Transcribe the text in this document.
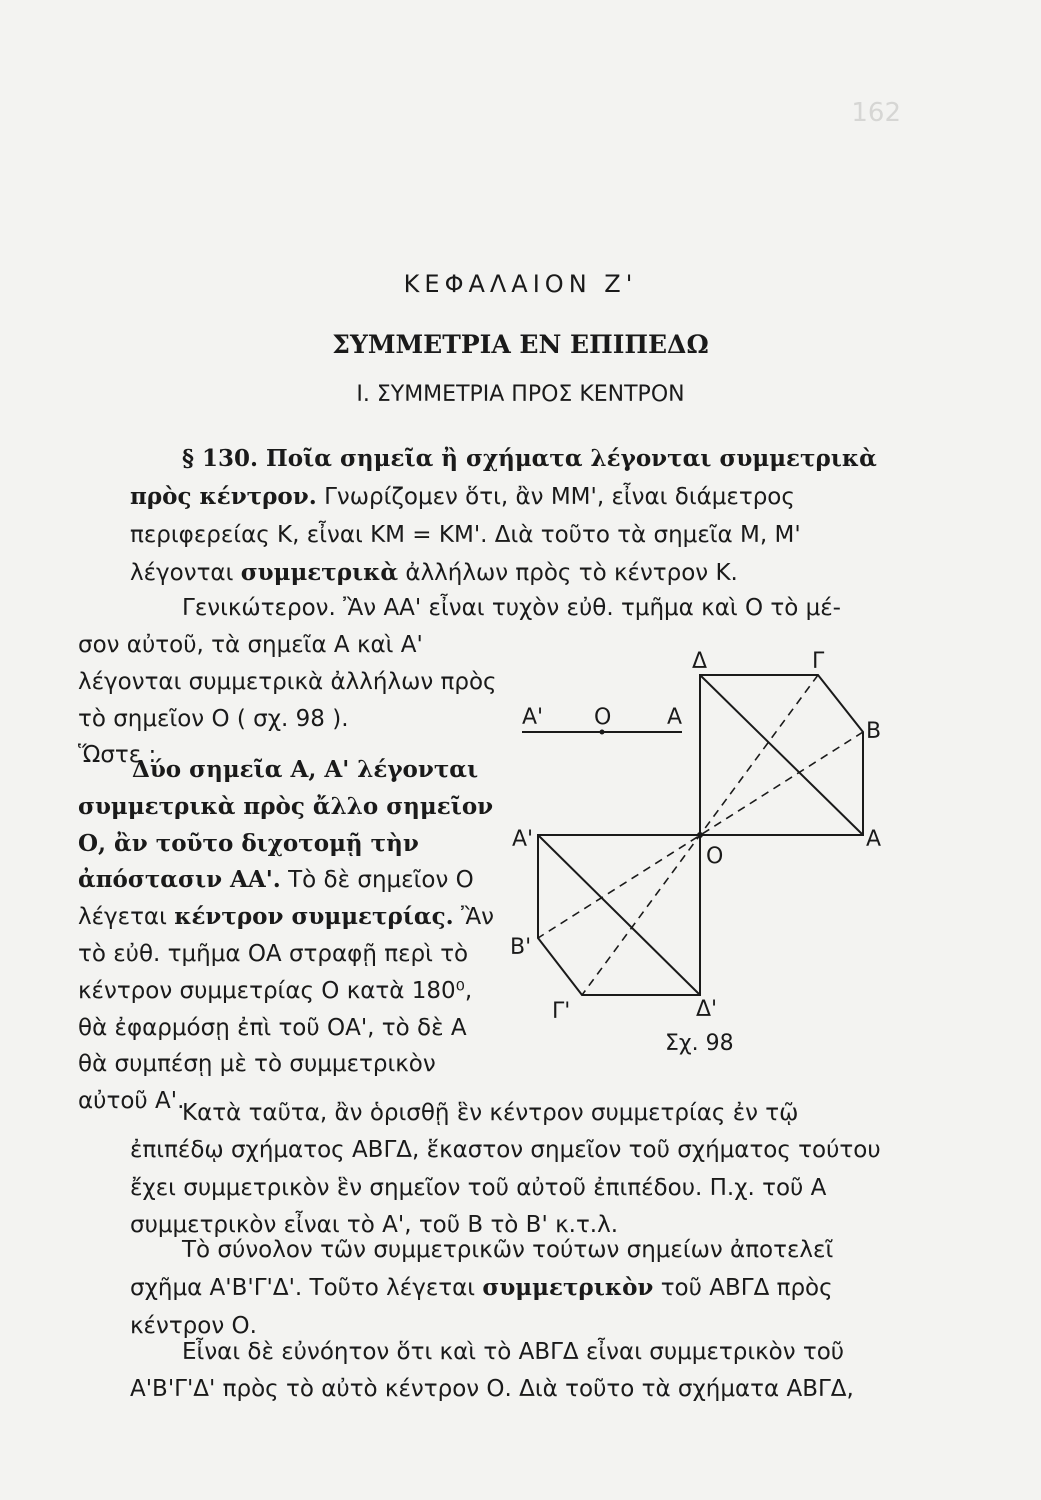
162
ΚΕΦΑΛΑΙΟΝ Ζ'
ΣΥΜΜΕΤΡΙΑ ΕΝ ΕΠΙΠΕΔΩ
Ι. ΣΥΜΜΕΤΡΙΑ ΠΡΟΣ ΚΕΝΤΡΟΝ

§ 130. Ποῖα σημεῖα ἢ σχήματα λέγονται συμμετρικὰ πρὸς κέντρον. Γνωρίζομεν ὅτι, ἂν ΜΜ', εἶναι διάμετρος περιφερείας Κ, εἶναι ΚΜ = ΚΜ'. Διὰ τοῦτο τὰ σημεῖα Μ, Μ' λέγονται συμμετρικὰ ἀλλήλων πρὸς τὸ κέντρον Κ.

Γενικώτερον. Ἂν ΑΑ' εἶναι τυχὸν εὐθ. τμῆμα καὶ Ο τὸ μέ-

σον αὐτοῦ, τὰ σημεῖα Α καὶ Α' λέγονται συμμετρικὰ ἀλλήλων πρὸς τὸ σημεῖον Ο ( σχ. 98 ).
Ὥστε :

Δύο σημεῖα Α, Α' λέγονται συμμετρικὰ πρὸς ἄλλο σημεῖον Ο, ἂν τοῦτο διχοτομῇ τὴν ἀπόστασιν ΑΑ'. Τὸ δὲ σημεῖον Ο λέγεται κέντρον συμμετρίας. Ἂν τὸ εὐθ. τμῆμα ΟΑ στραφῇ περὶ τὸ κέντρον συμμετρίας Ο κατὰ 180⁰, θὰ ἐφαρμόσῃ ἐπὶ τοῦ ΟΑ', τὸ δὲ Α θὰ συμπέσῃ μὲ τὸ συμμετρικὸν αὐτοῦ Α'.

Κατὰ ταῦτα, ἂν ὁρισθῇ ἓν κέντρον συμμετρίας ἐν τῷ ἐπιπέδῳ σχήματος ΑΒΓΔ, ἕκαστον σημεῖον τοῦ σχήματος τούτου ἔχει συμμετρικὸν ἓν σημεῖον τοῦ αὐτοῦ ἐπιπέδου. Π.χ. τοῦ Α συμμετρικὸν εἶναι τὸ Α', τοῦ Β τὸ Β' κ.τ.λ.

Τὸ σύνολον τῶν συμμετρικῶν τούτων σημείων ἀποτελεῖ σχῆμα Α'Β'Γ'Δ'. Τοῦτο λέγεται συμμετρικὸν τοῦ ΑΒΓΔ πρὸς κέντρον Ο.

Εἶναι δὲ εὐνόητον ὅτι καὶ τὸ ΑΒΓΔ εἶναι συμμετρικὸν τοῦ Α'Β'Γ'Δ' πρὸς τὸ αὐτὸ κέντρον Ο. Διὰ τοῦτο τὰ σχήματα ΑΒΓΔ,

Α' Ο	Α
Δ	Γ
Β
Α
Α'
Ο
Β'
Γ'	Δ'
Σχ. 98
